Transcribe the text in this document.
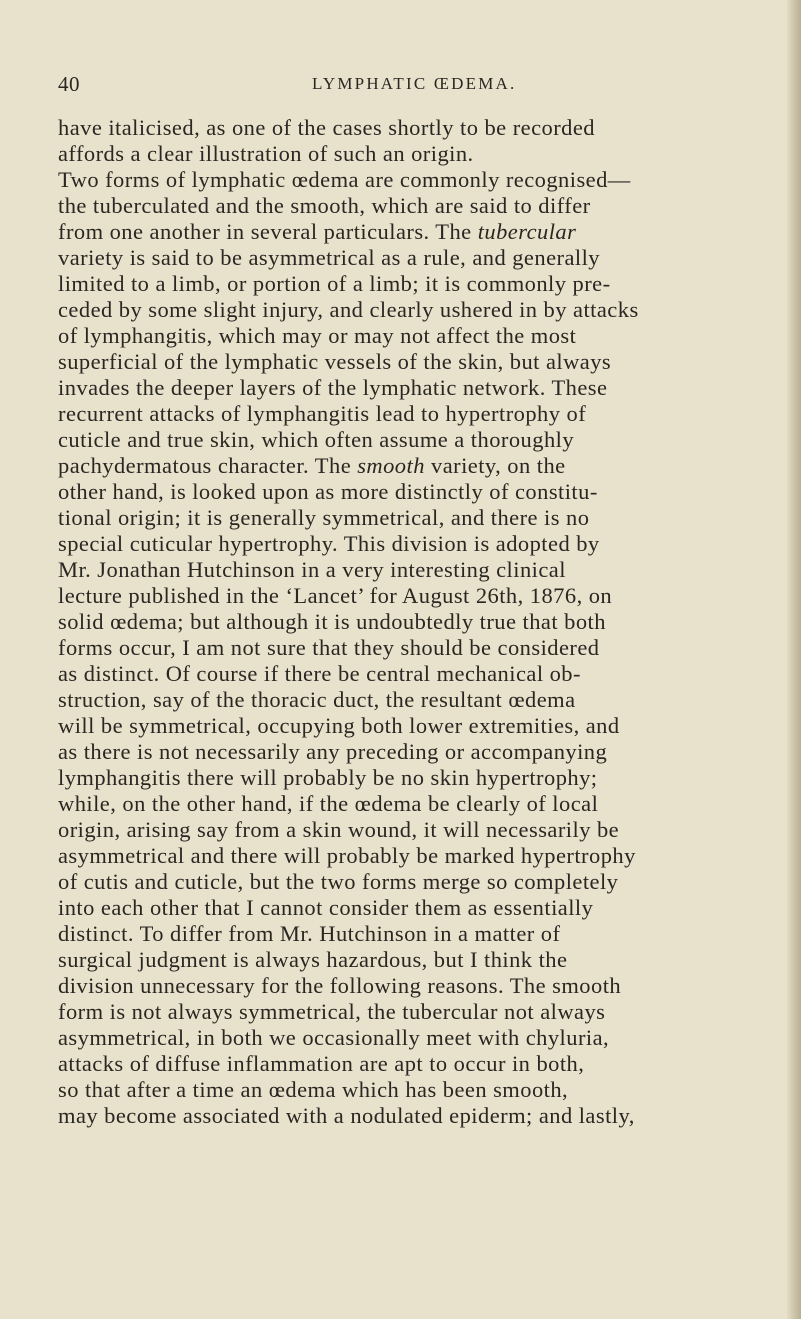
40	LYMPHATIC ŒDEMA.
have italicised, as one of the cases shortly to be recorded
affords a clear illustration of such an origin.
Two forms of lymphatic œdema are commonly recognised—
the tuberculated and the smooth, which are said to differ
from one another in several particulars. The tubercular
variety is said to be asymmetrical as a rule, and generally
limited to a limb, or portion of a limb; it is commonly pre-
ceded by some slight injury, and clearly ushered in by attacks
of lymphangitis, which may or may not affect the most
superficial of the lymphatic vessels of the skin, but always
invades the deeper layers of the lymphatic network. These
recurrent attacks of lymphangitis lead to hypertrophy of
cuticle and true skin, which often assume a thoroughly
pachydermatous character. The smooth variety, on the
other hand, is looked upon as more distinctly of constitu-
tional origin; it is generally symmetrical, and there is no
special cuticular hypertrophy. This division is adopted by
Mr. Jonathan Hutchinson in a very interesting clinical
lecture published in the ‘Lancet’ for August 26th, 1876, on
solid œdema; but although it is undoubtedly true that both
forms occur, I am not sure that they should be considered
as distinct. Of course if there be central mechanical ob-
struction, say of the thoracic duct, the resultant œdema
will be symmetrical, occupying both lower extremities, and
as there is not necessarily any preceding or accompanying
lymphangitis there will probably be no skin hypertrophy;
while, on the other hand, if the œdema be clearly of local
origin, arising say from a skin wound, it will necessarily be
asymmetrical and there will probably be marked hypertrophy
of cutis and cuticle, but the two forms merge so completely
into each other that I cannot consider them as essentially
distinct. To differ from Mr. Hutchinson in a matter of
surgical judgment is always hazardous, but I think the
division unnecessary for the following reasons. The smooth
form is not always symmetrical, the tubercular not always
asymmetrical, in both we occasionally meet with chyluria,
attacks of diffuse inflammation are apt to occur in both,
so that after a time an œdema which has been smooth,
may become associated with a nodulated epiderm; and lastly,
